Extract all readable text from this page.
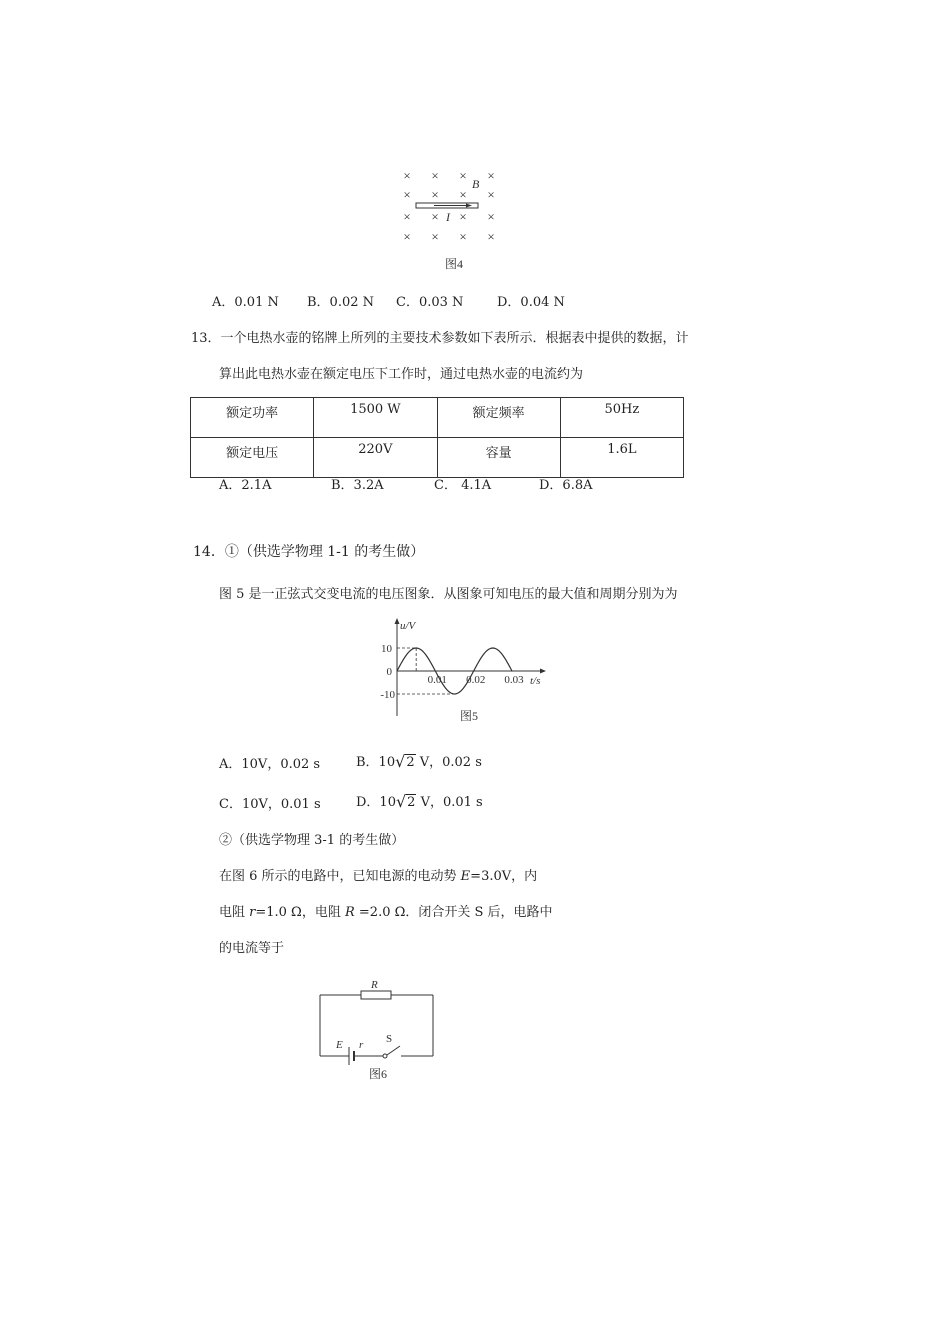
× × × ×
× × × ×
× × × ×
× × × ×
B
I
图4
A．0.01 N B．0.02 N C．0.03 N	D．0.04 N
13．一个电热水壶的铭牌上所列的主要技术参数如下表所示．根据表中提供的数据，计
算出此电热水壶在额定电压下工作时，通过电热水壶的电流约为
额定功率	1500 W	额定频率	50Hz
额定电压	220V	容量	1.6L
A．2.1A	B．3.2A	C． 4.1A	D．6.8A
14．①（供选学物理 1-1 的考生做）
图 5 是一正弦式交变电流的电压图象．从图象可知电压的最大值和周期分别为为
u/V
t/s
10
0
-10
0.01 0.02 0.03
图5
A．10V，0.02 s	B．10√2 V，0.02 s
C．10V，0.01 s	D．10√2 V，0.01 s
②（供选学物理 3-1 的考生做）
在图 6 所示的电路中，已知电源的电动势 E=3.0V，内
电阻 r=1.0 Ω，电阻 R =2.0 Ω．闭合开关 S 后，电路中
的电流等于
R
E r S
图6
